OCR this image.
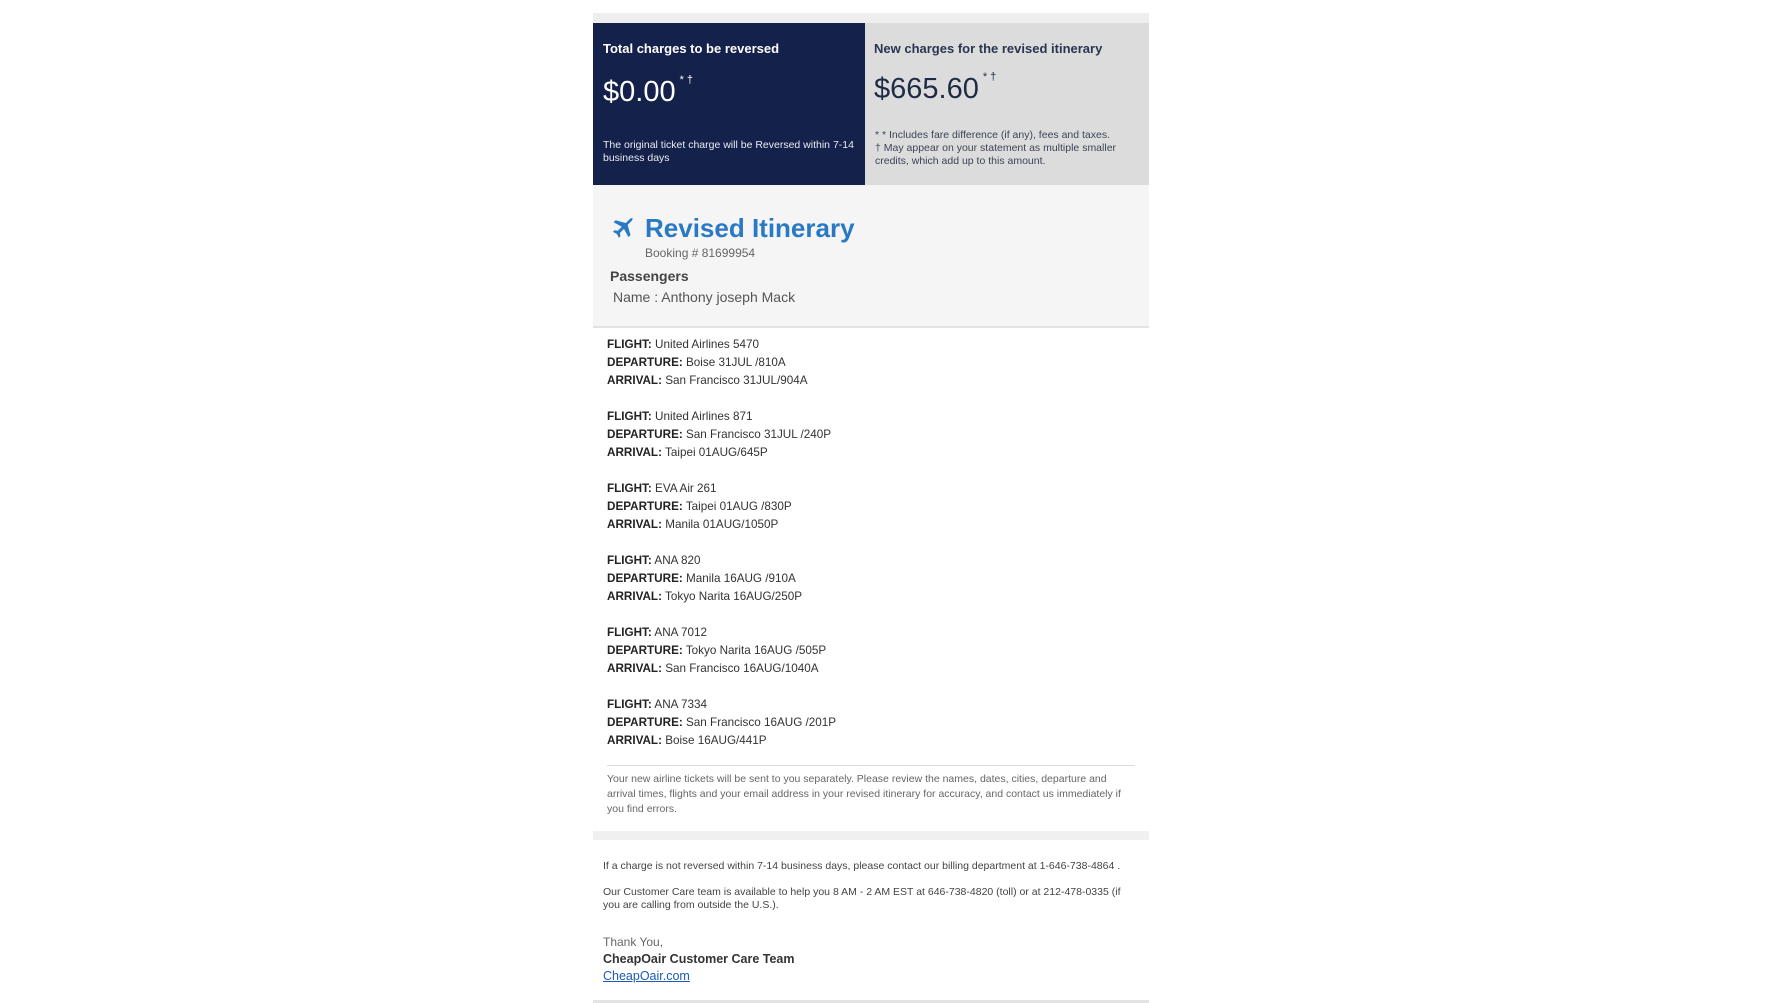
Total charges to be reversed
$0.00 * †
The original ticket charge will be Reversed within 7-14 business days
New charges for the revised itinerary
$665.60 * †
* * Includes fare difference (if any), fees and taxes.
† May appear on your statement as multiple smaller credits, which add up to this amount.
Revised Itinerary
Booking # 81699954
Passengers
Name : Anthony joseph Mack
FLIGHT: United Airlines 5470
DEPARTURE: Boise 31JUL /810A
ARRIVAL: San Francisco 31JUL/904A
FLIGHT: United Airlines 871
DEPARTURE: San Francisco 31JUL /240P
ARRIVAL: Taipei 01AUG/645P
FLIGHT: EVA Air 261
DEPARTURE: Taipei 01AUG /830P
ARRIVAL: Manila 01AUG/1050P
FLIGHT: ANA 820
DEPARTURE: Manila 16AUG /910A
ARRIVAL: Tokyo Narita 16AUG/250P
FLIGHT: ANA 7012
DEPARTURE: Tokyo Narita 16AUG /505P
ARRIVAL: San Francisco 16AUG/1040A
FLIGHT: ANA 7334
DEPARTURE: San Francisco 16AUG /201P
ARRIVAL: Boise 16AUG/441P
Your new airline tickets will be sent to you separately. Please review the names, dates, cities, departure and arrival times, flights and your email address in your revised itinerary for accuracy, and contact us immediately if you find errors.

If a charge is not reversed within 7-14 business days, please contact our billing department at 1-646-738-4864 .

Our Customer Care team is available to help you 8 AM - 2 AM EST at 646-738-4820 (toll) or at 212-478-0335 (if you are calling from outside the U.S.).

Thank You,
CheapOair Customer Care Team
CheapOair.com
